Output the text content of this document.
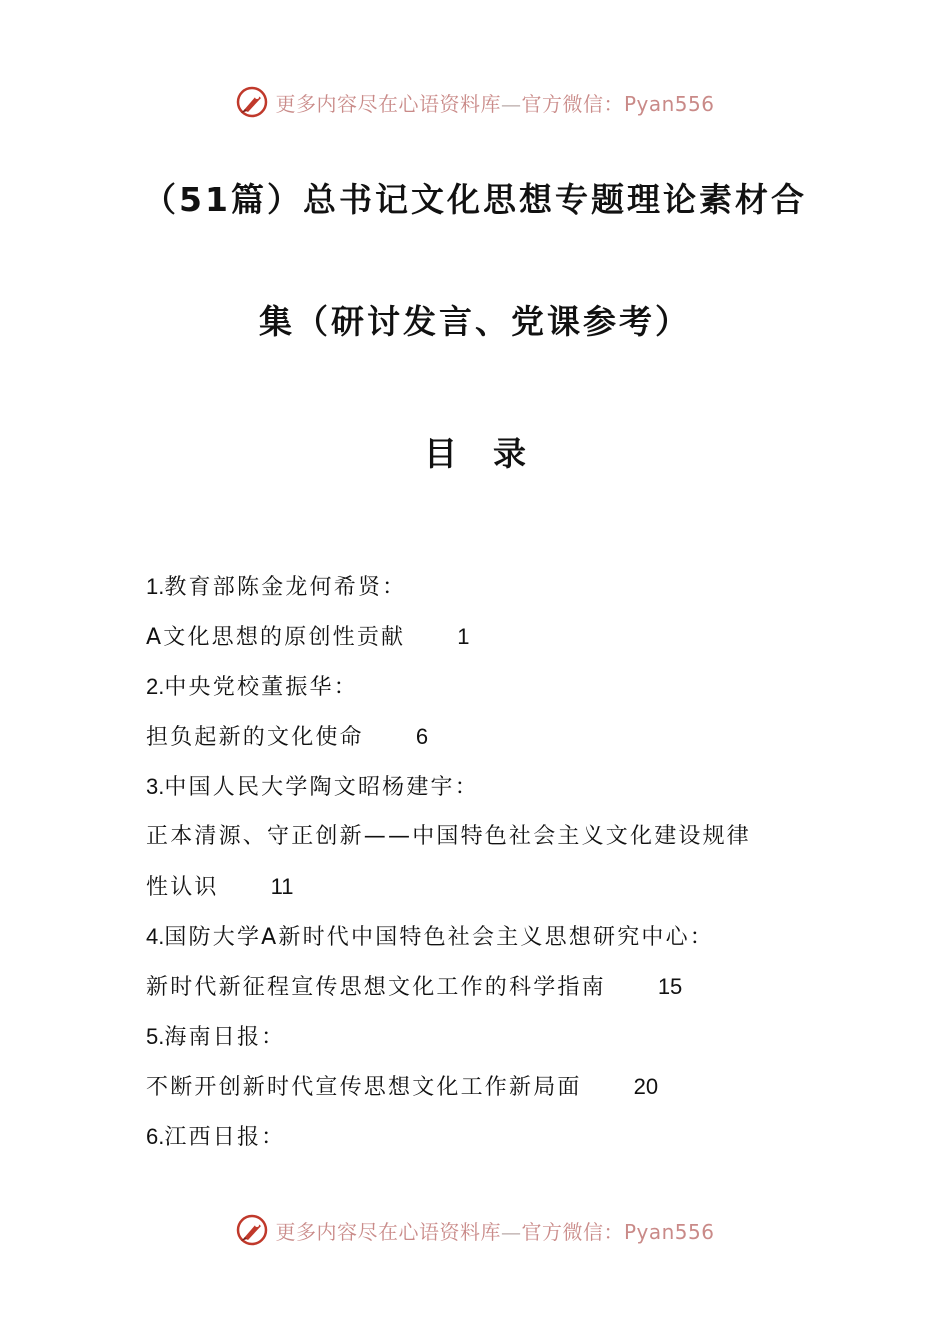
更多内容尽在心语资料库—官方微信：Pyan556
（51篇）总书记文化思想专题理论素材合
集（研讨发言、党课参考）
目录
1.教育部陈金龙何希贤：
A文化思想的原创性贡献 1
2.中央党校董振华：
担负起新的文化使命 6
3.中国人民大学陶文昭杨建宇：
正本清源、守正创新——中国特色社会主义文化建设规律
性认识 11
4.国防大学A新时代中国特色社会主义思想研究中心：
新时代新征程宣传思想文化工作的科学指南 15
5.海南日报：
不断开创新时代宣传思想文化工作新局面 20
6.江西日报：
更多内容尽在心语资料库—官方微信：Pyan556
